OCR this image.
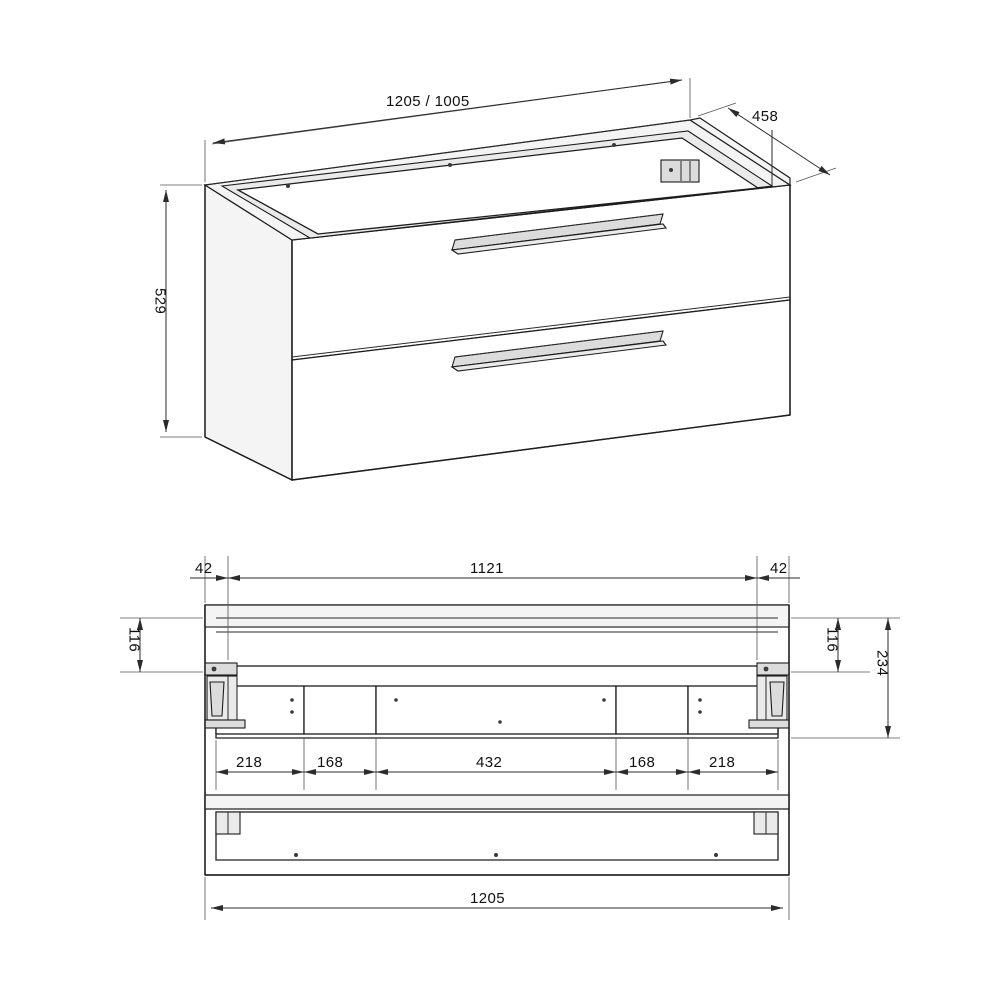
1205 / 1005
458
529
42	1121	42
116	116
234
218	168	432	168	218
1205
